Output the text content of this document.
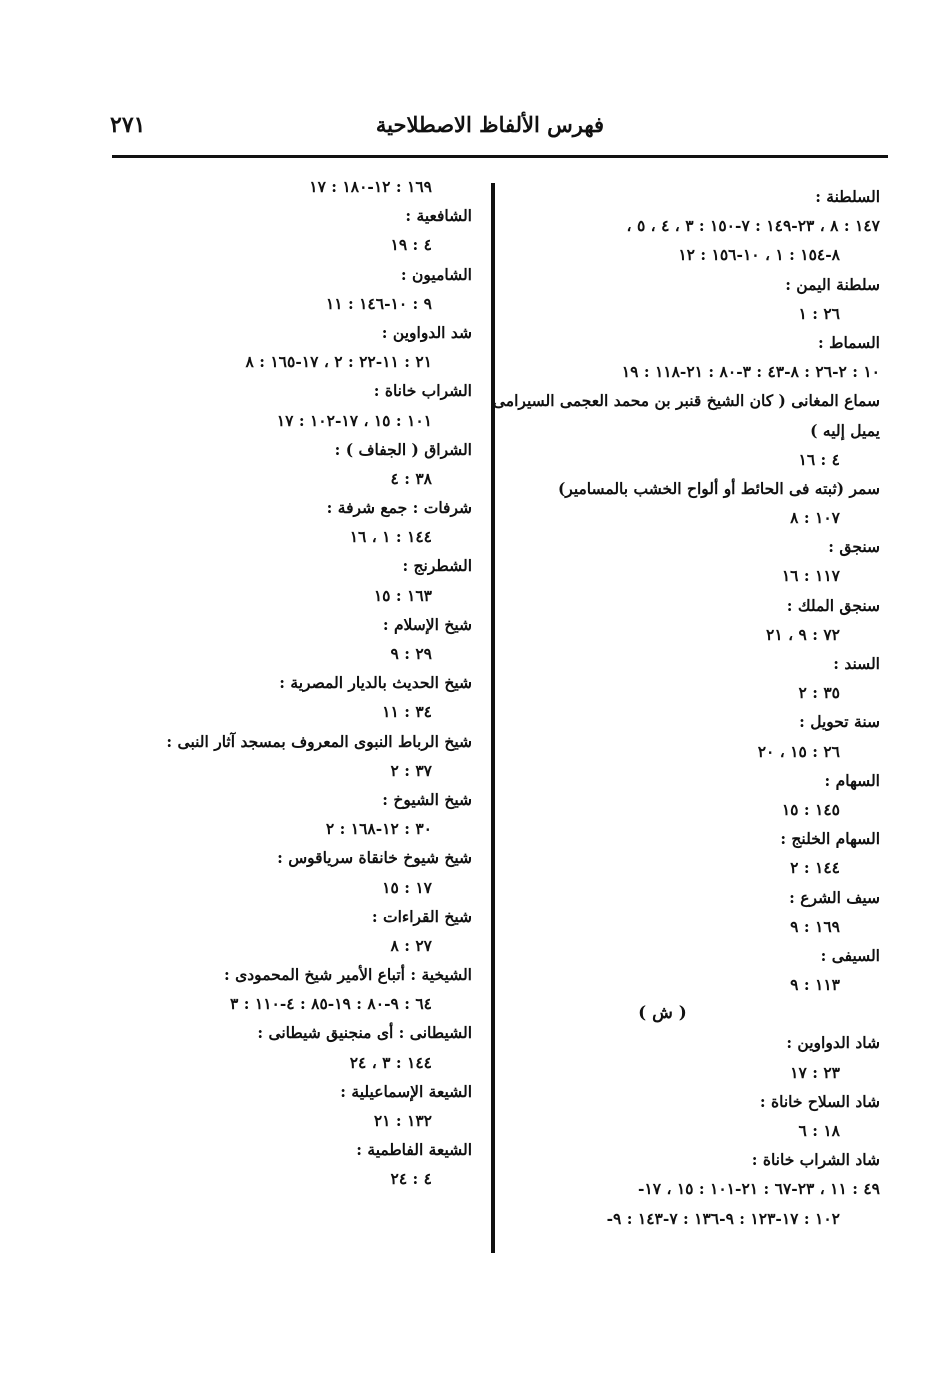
فهرس الألفاظ الاصطلاحية
٢٧١
السلطنة :
١٤٧ : ٨ ، ٢٣-١٤٩ : ٧-١٥٠ : ٣ ، ٤ ، ٥ ،
٨-١٥٤ : ١ ، ١٠-١٥٦ : ١٢
سلطنة اليمن :
٢٦ : ١
السماط :
١٠ : ٢-٢٦ : ٨-٤٣ : ٣-٨٠ : ٢١-١١٨ : ١٩
سماع المغانى ( كان الشيخ قنبر بن محمد العجمى السيرامى
يميل إليه )
٤ : ١٦
سمر (ثبته فى الحائط أو ألواح الخشب بالمسامير)
١٠٧ : ٨
سنجق :
١١٧ : ١٦
سنجق الملك :
٧٢ : ٩ ، ٢١
السند :
٣٥ : ٢
سنة تحويل :
٢٦ : ١٥ ، ٢٠
السهام :
١٤٥ : ١٥
السهام الخلنج :
١٤٤ : ٢
سيف الشرع :
١٦٩ : ٩
السيفى :
١١٣ : ٩
( ش )
شاد الدواوين :
٢٣ : ١٧
شاد السلاح خاناة :
١٨ : ٦
شاد الشراب خاناة :
٤٩ : ١١ ، ٢٣-٦٧ : ٢١-١٠١ : ١٥ ، ١٧-
١٠٢ : ١٧-١٢٣ : ٩-١٣٦ : ٧-١٤٣ : ٩-
١٦٩ : ١٢-١٨٠ : ١٧
الشافعية :
٤ : ١٩
الشاميون :
٩ : ١٠-١٤٦ : ١١
شد الدواوين :
٢١ : ١١-٢٢ : ٢ ، ١٧-١٦٥ : ٨
الشراب خاناة :
١٠١ : ١٥ ، ١٧-١٠٢ : ١٧
الشراق ( الجفاف ) :
٣٨ : ٤
شرفات : جمع شرفة :
١٤٤ : ١ ، ١٦
الشطرنج :
١٦٣ : ١٥
شيخ الإسلام :
٢٩ : ٩
شيخ الحديث بالديار المصرية :
٣٤ : ١١
شيخ الرباط النبوى المعروف بمسجد آثار النبى :
٣٧ : ٢
شيخ الشيوخ :
٣٠ : ١٢-١٦٨ : ٢
شيخ شيوخ خانقاة سرياقوس :
١٧ : ١٥
شيخ القراءات :
٢٧ : ٨
الشيخية : أتباع الأمير شيخ المحمودى :
٦٤ : ٩-٨٠ : ١٩-٨٥ : ٤-١١٠ : ٣
الشيطانى : أى منجنيق شيطانى :
١٤٤ : ٣ ، ٢٤
الشيعة الإسماعيلية :
١٣٢ : ٢١
الشيعة الفاطمية :
٤ : ٢٤
